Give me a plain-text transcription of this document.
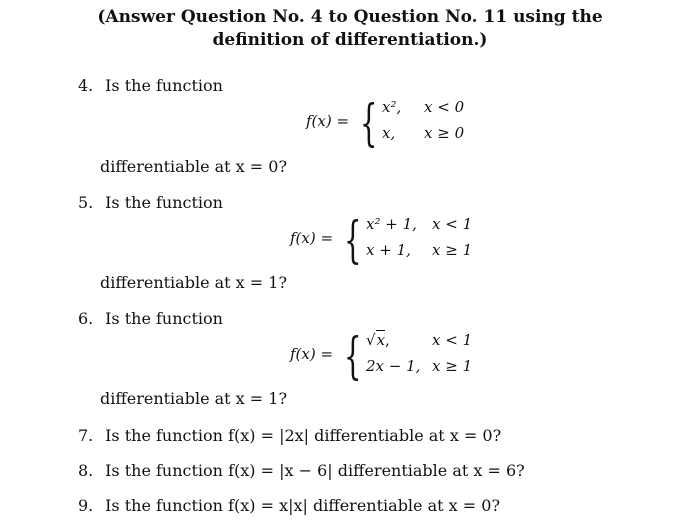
(Answer Question No. 4 to Question No. 11 using the
definition of differentiation.)
4. Is the function
f(x) = { x², x < 0
x, x ≥ 0
differentiable at x = 0?
5. Is the function
f(x) = { x² + 1, x < 1
x + 1, x ≥ 1
differentiable at x = 1?
6. Is the function
f(x) = { √x,	x < 1
2x − 1, x ≥ 1
differentiable at x = 1?
7. Is the function f(x) = |2x| differentiable at x = 0?
8. Is the function f(x) = |x − 6| differentiable at x = 6?
9. Is the function f(x) = x|x| differentiable at x = 0?
